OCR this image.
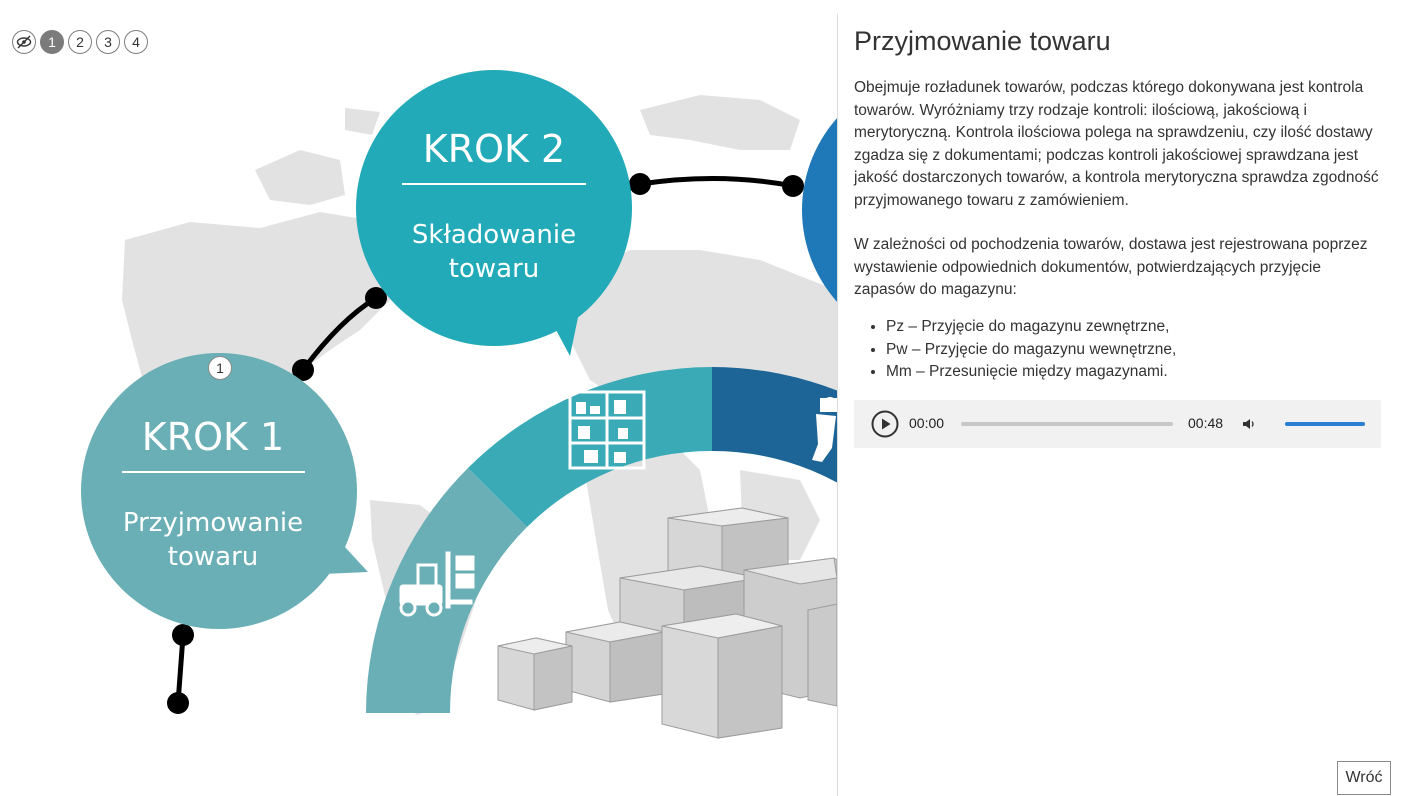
KROK 2
Składowanie
towaru
KROK 1
Przyjmowanie
towaru
1
1	2	3	4	Przyjmowanie towaru

Obejmuje rozładunek towarów, podczas którego dokonywana jest kontrola towarów. Wyróżniamy trzy rodzaje kontroli: ilościową, jakościową i merytoryczną. Kontrola ilościowa polega na sprawdzeniu, czy ilość dostawy zgadza się z dokumentami; podczas kontroli jakościowej sprawdzana jest jakość dostarczonych towarów, a kontrola merytoryczna sprawdza zgodność przyjmowanego towaru z zamówieniem.

W zależności od pochodzenia towarów, dostawa jest rejestrowana poprzez wystawienie odpowiednich dokumentów, potwierdzających przyjęcie zapasów do magazynu:

• Pz – Przyjęcie do magazynu zewnętrzne,
• Pw – Przyjęcie do magazynu wewnętrzne,
• Mm – Przesunięcie między magazynami.
00:00	00:48
Wróć
